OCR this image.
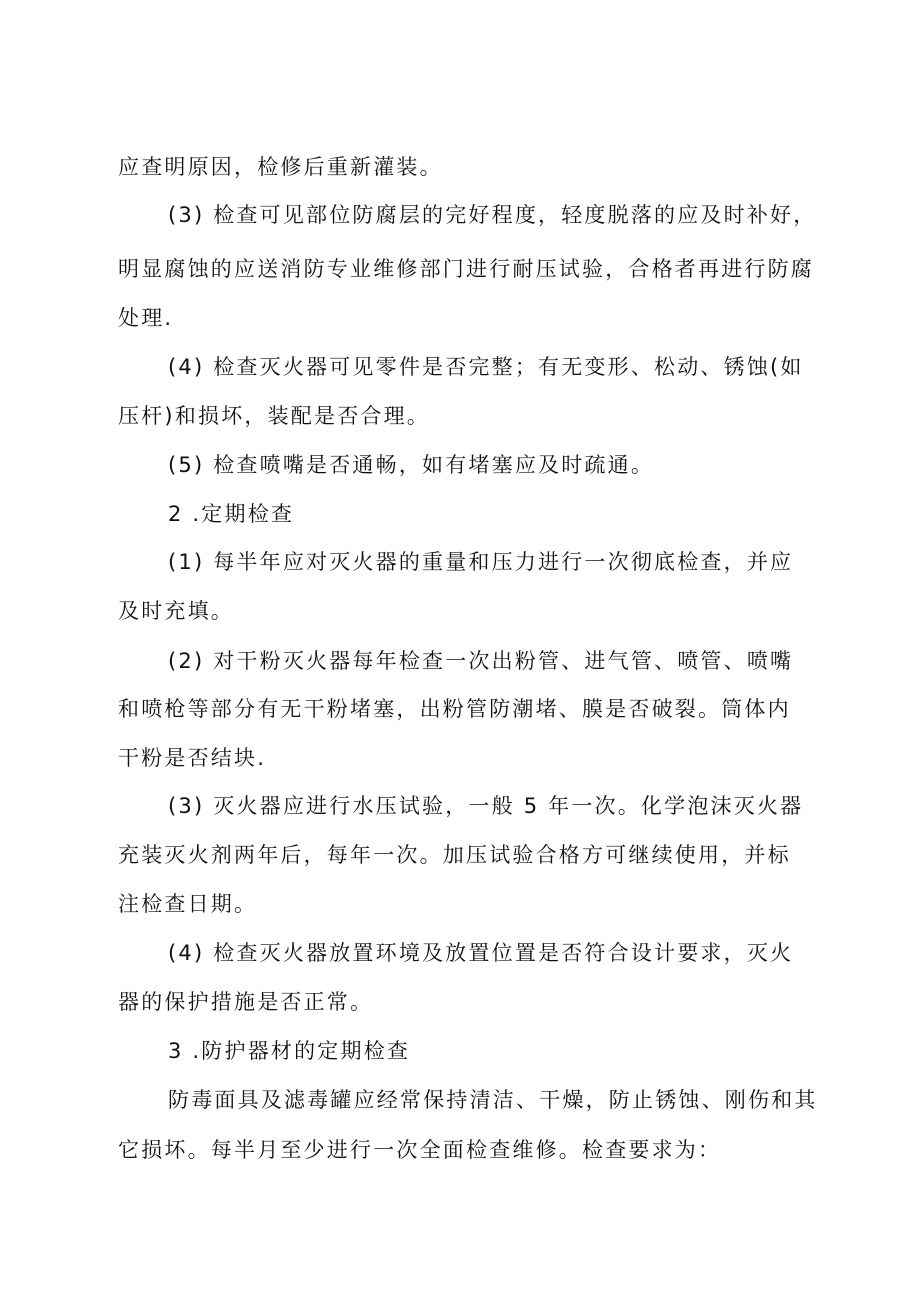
应查明原因，检修后重新灌装。
(3) 检查可见部位防腐层的完好程度，轻度脱落的应及时补好，
明显腐蚀的应送消防专业维修部门进行耐压试验，合格者再进行防腐
处理.
(4) 检查灭火器可见零件是否完整；有无变形、松动、锈蚀(如
压杆)和损坏，装配是否合理。
(5) 检查喷嘴是否通畅，如有堵塞应及时疏通。
2 .定期检查
(1) 每半年应对灭火器的重量和压力进行一次彻底检查，并应
及时充填。
(2) 对干粉灭火器每年检查一次出粉管、进气管、喷管、喷嘴
和喷枪等部分有无干粉堵塞，出粉管防潮堵、膜是否破裂。筒体内
干粉是否结块.
(3) 灭火器应进行水压试验，一般 5 年一次。化学泡沫灭火器
充装灭火剂两年后，每年一次。加压试验合格方可继续使用，并标
注检查日期。
(4) 检查灭火器放置环境及放置位置是否符合设计要求，灭火
器的保护措施是否正常。
3 .防护器材的定期检查
防毒面具及滤毒罐应经常保持清洁、干燥，防止锈蚀、刚伤和其
它损坏。每半月至少进行一次全面检查维修。检查要求为：
